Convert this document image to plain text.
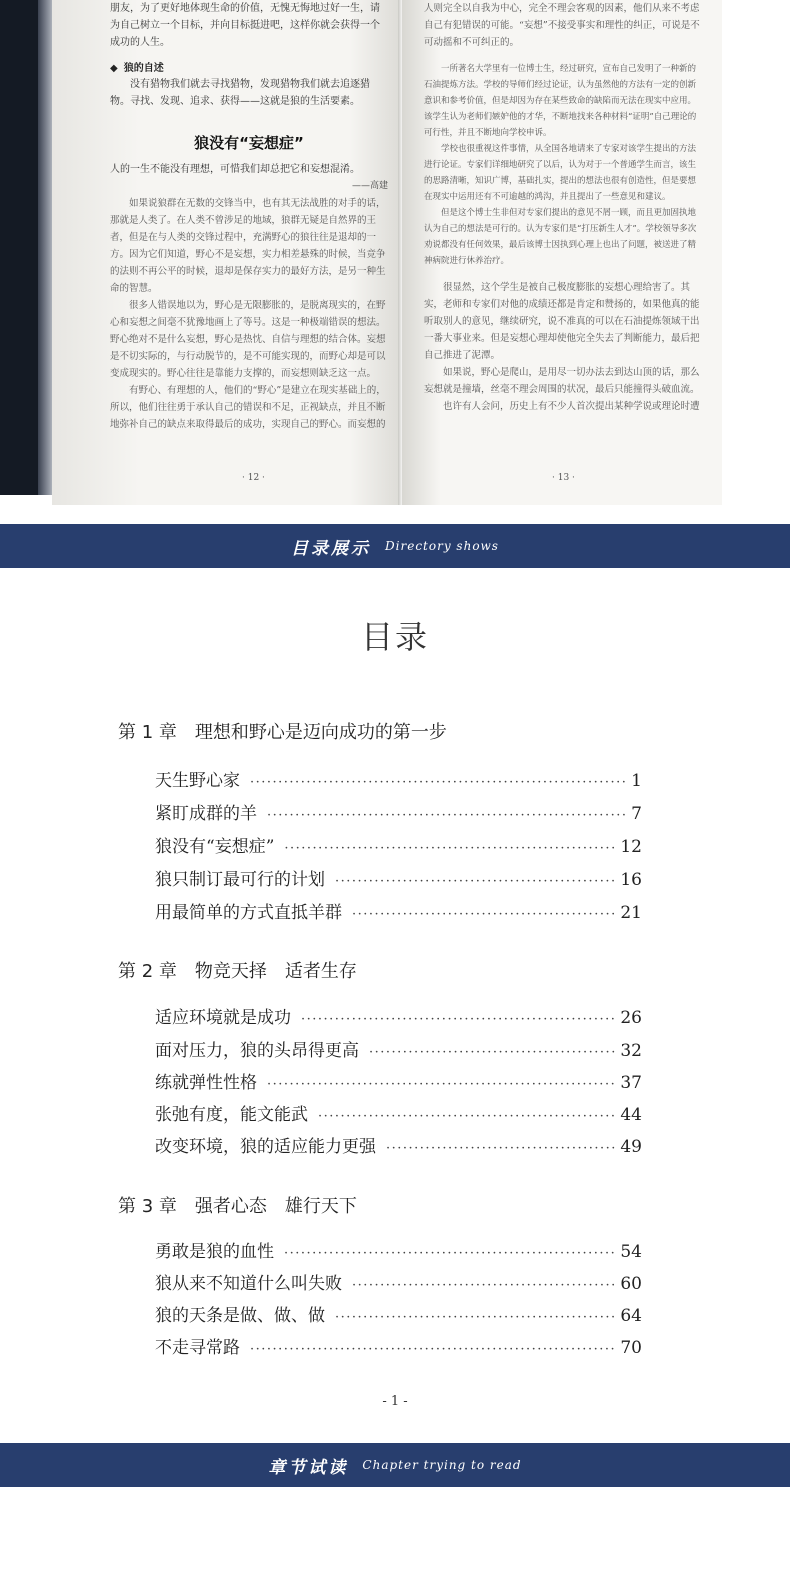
朋友，为了更好地体现生命的价值，无愧无悔地过好一生，请为自己树立一个目标，并向目标挺进吧，这样你就会获得一个成功的人生。

◆ 狼的自述

没有猎物我们就去寻找猎物，发现猎物我们就去追逐猎物。寻找、发现、追求、获得——这就是狼的生活要素。

狼没有“妄想症”

人的一生不能没有理想，可惜我们却总把它和妄想混淆。

——高建

如果说狼群在无数的交锋当中，也有其无法战胜的对手的话，那就是人类了。在人类不曾涉足的地域，狼群无疑是自然界的王者，但是在与人类的交锋过程中，充满野心的狼往往是退却的一方。因为它们知道，野心不是妄想，实力相差悬殊的时候，当竞争的法则不再公平的时候，退却是保存实力的最好方法，是另一种生命的智慧。

很多人错误地以为，野心是无限膨胀的，是脱离现实的，在野心和妄想之间毫不犹豫地画上了等号。这是一种极端错误的想法。野心绝对不是什么妄想，野心是热忱、自信与理想的结合体。妄想是不切实际的，与行动脱节的，是不可能实现的，而野心却是可以变成现实的。野心往往是靠能力支撑的，而妄想则缺乏这一点。

有野心、有理想的人，他们的“野心”是建立在现实基础上的，所以，他们往往勇于承认自己的错误和不足，正视缺点，并且不断地弥补自己的缺点来取得最后的成功，实现自己的野心。而妄想的

· 12 ·

人则完全以自我为中心，完全不理会客观的因素，他们从来不考虑自己有犯错误的可能。“妄想”不接受事实和理性的纠正，可说是不可动摇和不可纠正的。

一所著名大学里有一位博士生，经过研究，宣布自己发明了一种新的石油提炼方法。学校的导师们经过论证，认为虽然他的方法有一定的创新意识和参考价值，但是却因为存在某些致命的缺陷而无法在现实中应用。该学生认为老师们嫉妒他的才华，不断地找来各种材料“证明”自己理论的可行性，并且不断地向学校申诉。

学校也很重视这件事情，从全国各地请来了专家对该学生提出的方法进行论证。专家们详细地研究了以后，认为对于一个普通学生而言，该生的思路清晰，知识广博，基础扎实，提出的想法也很有创造性，但是要想在现实中运用还有不可逾越的鸿沟，并且提出了一些意见和建议。

但是这个博士生非但对专家们提出的意见不屑一顾，而且更加固执地认为自己的想法是可行的。认为专家们是“打压新生人才”。学校领导多次劝说都没有任何效果，最后该博士因执到心理上也出了问题，被送进了精神病院进行休养治疗。

很显然，这个学生是被自己极度膨胀的妄想心理给害了。其实，老师和专家们对他的成绩还都是肯定和赞扬的，如果他真的能听取别人的意见，继续研究，说不准真的可以在石油提炼领域干出一番大事业来。但是妄想心理却使他完全失去了判断能力，最后把自己推进了泥潭。

如果说，野心是爬山，是用尽一切办法去到达山顶的话，那么妄想就是撞墙，丝毫不理会周围的状况，最后只能撞得头破血流。

也许有人会问，历史上有不少人首次提出某种学说或理论时遭

· 13 ·
目录展示 Directory shows
目录
第 1 章 理想和野心是迈向成功的第一步
天生野心家 ·····	1
紧盯成群的羊 ·····	7
狼没有“妄想症” ·····	12
狼只制订最可行的计划 ·····	16
用最简单的方式直抵羊群 ·····	21
第 2 章 物竞天择　适者生存
适应环境就是成功 ·····	26
面对压力，狼的头昂得更高 ·····	32
练就弹性性格 ·····	37
张弛有度，能文能武 ·····	44
改变环境，狼的适应能力更强 ·····	49
第 3 章 强者心态　雄行天下
勇敢是狼的血性 ·····	54
狼从来不知道什么叫失败 ·····	60
狼的天条是做、做、做 ·····	64
不走寻常路 ·····	70
- 1 -
章节试读 Chapter trying to read
